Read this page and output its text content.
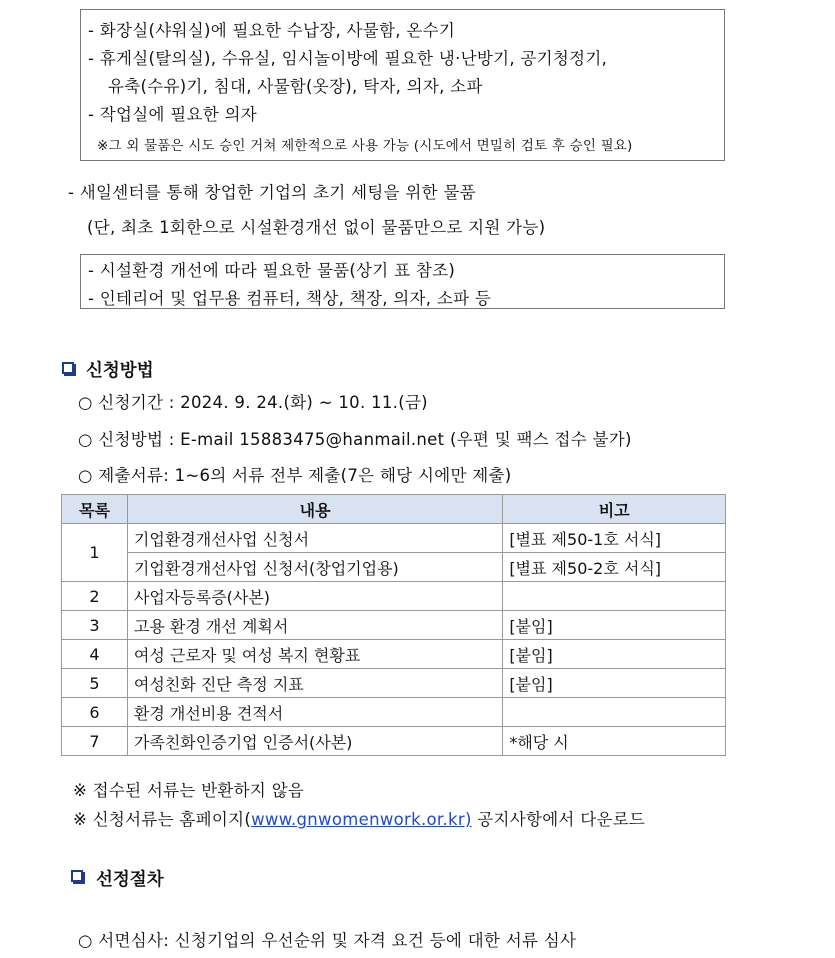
- 화장실(샤워실)에 필요한 수납장, 사물함, 온수기
- 휴게실(탈의실), 수유실, 임시놀이방에 필요한 냉·난방기, 공기청정기,
유축(수유)기, 침대, 사물함(옷장), 탁자, 의자, 소파
- 작업실에 필요한 의자
※그 외 물품은 시도 승인 거쳐 제한적으로 사용 가능 (시도에서 면밀히 검토 후 승인 필요)
- 새일센터를 통해 창업한 기업의 초기 세팅을 위한 물품
(단, 최초 1회한으로 시설환경개선 없이 물품만으로 지원 가능)
- 시설환경 개선에 따라 필요한 물품(상기 표 참조)
- 인테리어 및 업무용 컴퓨터, 책상, 책장, 의자, 소파 등
신청방법
○ 신청기간 : 2024. 9. 24.(화) ~ 10. 11.(금)
○ 신청방법 : E-mail 15883475@hanmail.net (우편 및 팩스 접수 불가)
○ 제출서류: 1~6의 서류 전부 제출(7은 해당 시에만 제출)
목록	내용	비고
1	기업환경개선사업 신청서	[별표 제50-1호 서식]
	기업환경개선사업 신청서(창업기업용)	[별표 제50-2호 서식]
2	사업자등록증(사본)	
3	고용 환경 개선 계획서	[붙임]
4	여성 근로자 및 여성 복지 현황표	[붙임]
5	여성친화 진단 측정 지표	[붙임]
6	환경 개선비용 견적서	
7	가족친화인증기업 인증서(사본)	*해당 시
※ 접수된 서류는 반환하지 않음
※ 신청서류는 홈페이지(www.gnwomenwork.or.kr) 공지사항에서 다운로드
선정절차
○ 서면심사: 신청기업의 우선순위 및 자격 요건 등에 대한 서류 심사
